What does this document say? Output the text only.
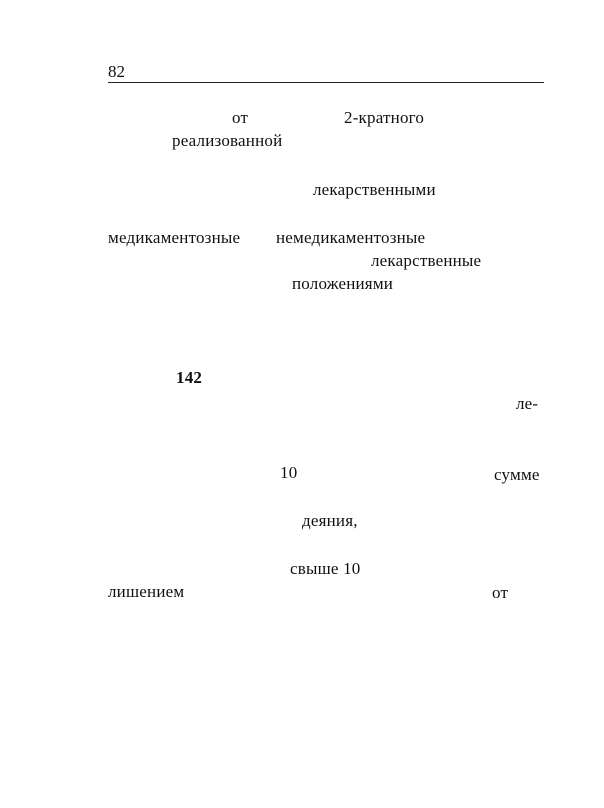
82
от	2-кратного
реализованной
лекарственными
медикаментозные немедикаментозные
лекарственные
положениями
142
ле-
10	сумме
деяния,
свыше 10
лишением	от
